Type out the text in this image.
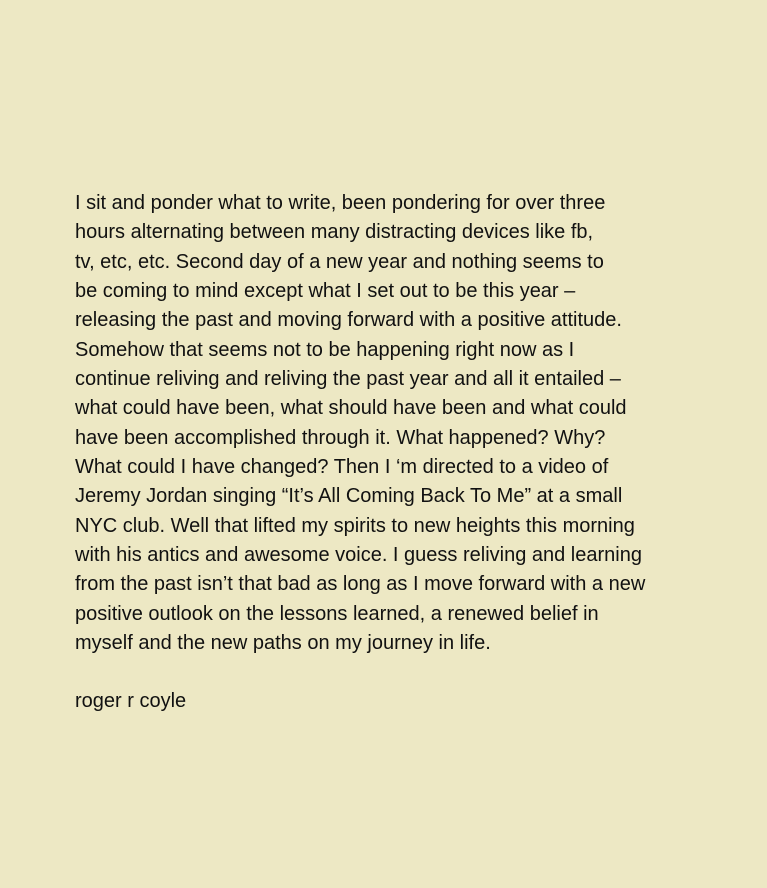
I sit and ponder what to write, been pondering for over three
hours alternating between many distracting devices like fb,
tv, etc, etc. Second day of a new year and nothing seems to
be coming to mind except what I set out to be this year –
releasing the past and moving forward with a positive attitude.
Somehow that seems not to be happening right now as I
continue reliving and reliving the past year and all it entailed –
what could have been, what should have been and what could
have been accomplished through it. What happened? Why?
What could I have changed? Then I ‘m directed to a video of
Jeremy Jordan singing “It’s All Coming Back To Me” at a small
NYC club. Well that lifted my spirits to new heights this morning
with his antics and awesome voice. I guess reliving and learning
from the past isn’t that bad as long as I move forward with a new
positive outlook on the lessons learned, a renewed belief in
myself and the new paths on my journey in life.
roger r coyle
